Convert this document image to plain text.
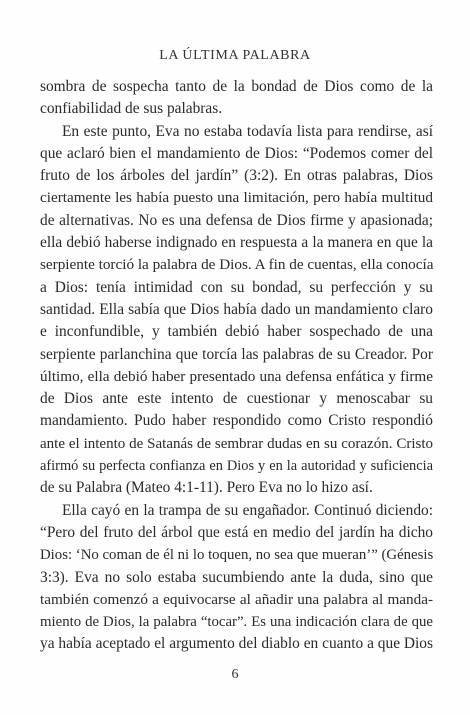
LA ÚLTIMA PALABRA
sombra de sospecha tanto de la bondad de Dios como de la
confiabilidad de sus palabras.
En este punto, Eva no estaba todavía lista para rendirse, así
que aclaró bien el mandamiento de Dios: “Podemos comer del
fruto de los árboles del jardín” (3:2). En otras palabras, Dios
ciertamente les había puesto una limitación, pero había multitud
de alternativas. No es una defensa de Dios firme y apasionada;
ella debió haberse indignado en respuesta a la manera en que la
serpiente torció la palabra de Dios. A fin de cuentas, ella conocía
a Dios: tenía intimidad con su bondad, su perfección y su
santidad. Ella sabía que Dios había dado un mandamiento claro
e inconfundible, y también debió haber sospechado de una
serpiente parlanchina que torcía las palabras de su Creador. Por
último, ella debió haber presentado una defensa enfática y firme
de Dios ante este intento de cuestionar y menoscabar su
mandamiento. Pudo haber respondido como Cristo respondió
ante el intento de Satanás de sembrar dudas en su corazón. Cristo
afirmó su perfecta confianza en Dios y en la autoridad y suficiencia
de su Palabra (Mateo 4:1-11). Pero Eva no lo hizo así.
Ella cayó en la trampa de su engañador. Continuó diciendo:
“Pero del fruto del árbol que está en medio del jardín ha dicho
Dios: ‘No coman de él ni lo toquen, no sea que mueran’” (Génesis
3:3). Eva no solo estaba sucumbiendo ante la duda, sino que
también comenzó a equivocarse al añadir una palabra al manda-
miento de Dios, la palabra “tocar”. Es una indicación clara de que
ya había aceptado el argumento del diablo en cuanto a que Dios
6
